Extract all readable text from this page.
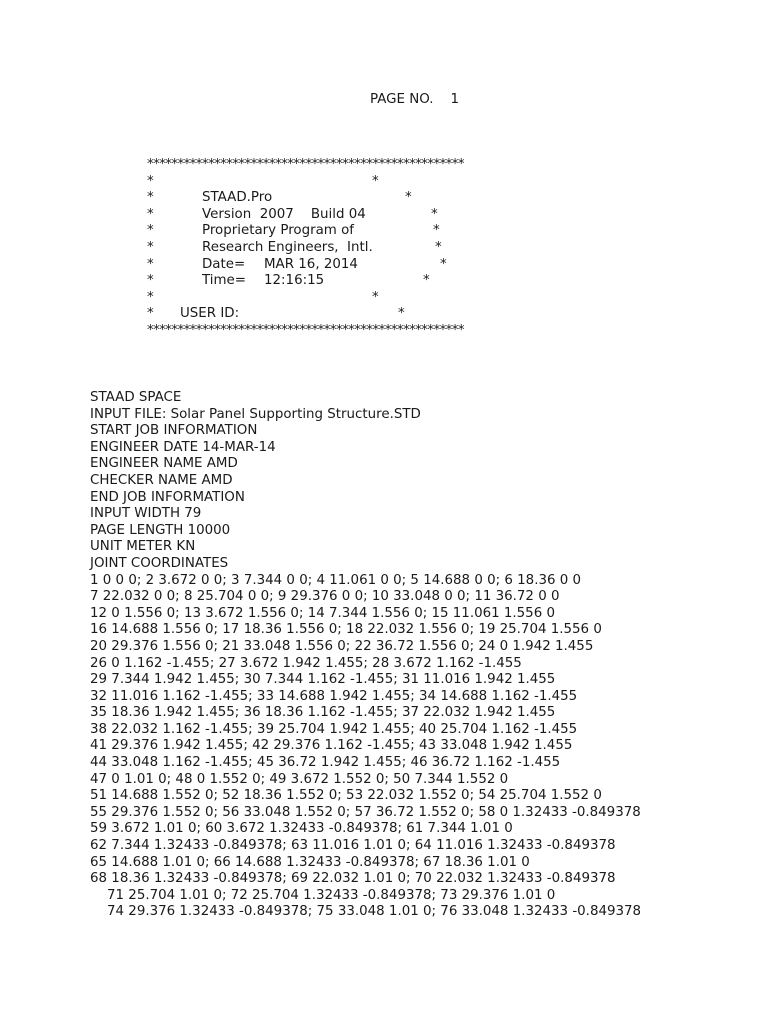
PAGE NO.    1

****************************************************

*

	*

*

	STAAD.Pro

	*

*

	Version  2007    Build 04

	*

*

	Proprietary Program of

	*

*

	Research Engineers,  Intl.

	*

*

	Date=

MAR 16, 2014

	*

*

	Time=

12:16:15

	*

*

	*

*

USER ID:

	*

****************************************************

STAAD SPACE
INPUT FILE: Solar Panel Supporting Structure.STD
START JOB INFORMATION
ENGINEER DATE 14-MAR-14
ENGINEER NAME AMD
CHECKER NAME AMD
END JOB INFORMATION
INPUT WIDTH 79
PAGE LENGTH 10000
UNIT METER KN
JOINT COORDINATES
1 0 0 0; 2 3.672 0 0; 3 7.344 0 0; 4 11.061 0 0; 5 14.688 0 0; 6 18.36 0 0
7 22.032 0 0; 8 25.704 0 0; 9 29.376 0 0; 10 33.048 0 0; 11 36.72 0 0
12 0 1.556 0; 13 3.672 1.556 0; 14 7.344 1.556 0; 15 11.061 1.556 0
16 14.688 1.556 0; 17 18.36 1.556 0; 18 22.032 1.556 0; 19 25.704 1.556 0
20 29.376 1.556 0; 21 33.048 1.556 0; 22 36.72 1.556 0; 24 0 1.942 1.455
26 0 1.162 -1.455; 27 3.672 1.942 1.455; 28 3.672 1.162 -1.455
29 7.344 1.942 1.455; 30 7.344 1.162 -1.455; 31 11.016 1.942 1.455
32 11.016 1.162 -1.455; 33 14.688 1.942 1.455; 34 14.688 1.162 -1.455
35 18.36 1.942 1.455; 36 18.36 1.162 -1.455; 37 22.032 1.942 1.455
38 22.032 1.162 -1.455; 39 25.704 1.942 1.455; 40 25.704 1.162 -1.455
41 29.376 1.942 1.455; 42 29.376 1.162 -1.455; 43 33.048 1.942 1.455
44 33.048 1.162 -1.455; 45 36.72 1.942 1.455; 46 36.72 1.162 -1.455
47 0 1.01 0; 48 0 1.552 0; 49 3.672 1.552 0; 50 7.344 1.552 0
51 14.688 1.552 0; 52 18.36 1.552 0; 53 22.032 1.552 0; 54 25.704 1.552 0
55 29.376 1.552 0; 56 33.048 1.552 0; 57 36.72 1.552 0; 58 0 1.32433 -0.849378
59 3.672 1.01 0; 60 3.672 1.32433 -0.849378; 61 7.344 1.01 0
62 7.344 1.32433 -0.849378; 63 11.016 1.01 0; 64 11.016 1.32433 -0.849378
65 14.688 1.01 0; 66 14.688 1.32433 -0.849378; 67 18.36 1.01 0
68 18.36 1.32433 -0.849378; 69 22.032 1.01 0; 70 22.032 1.32433 -0.849378
71 25.704 1.01 0; 72 25.704 1.32433 -0.849378; 73 29.376 1.01 0
74 29.376 1.32433 -0.849378; 75 33.048 1.01 0; 76 33.048 1.32433 -0.849378
